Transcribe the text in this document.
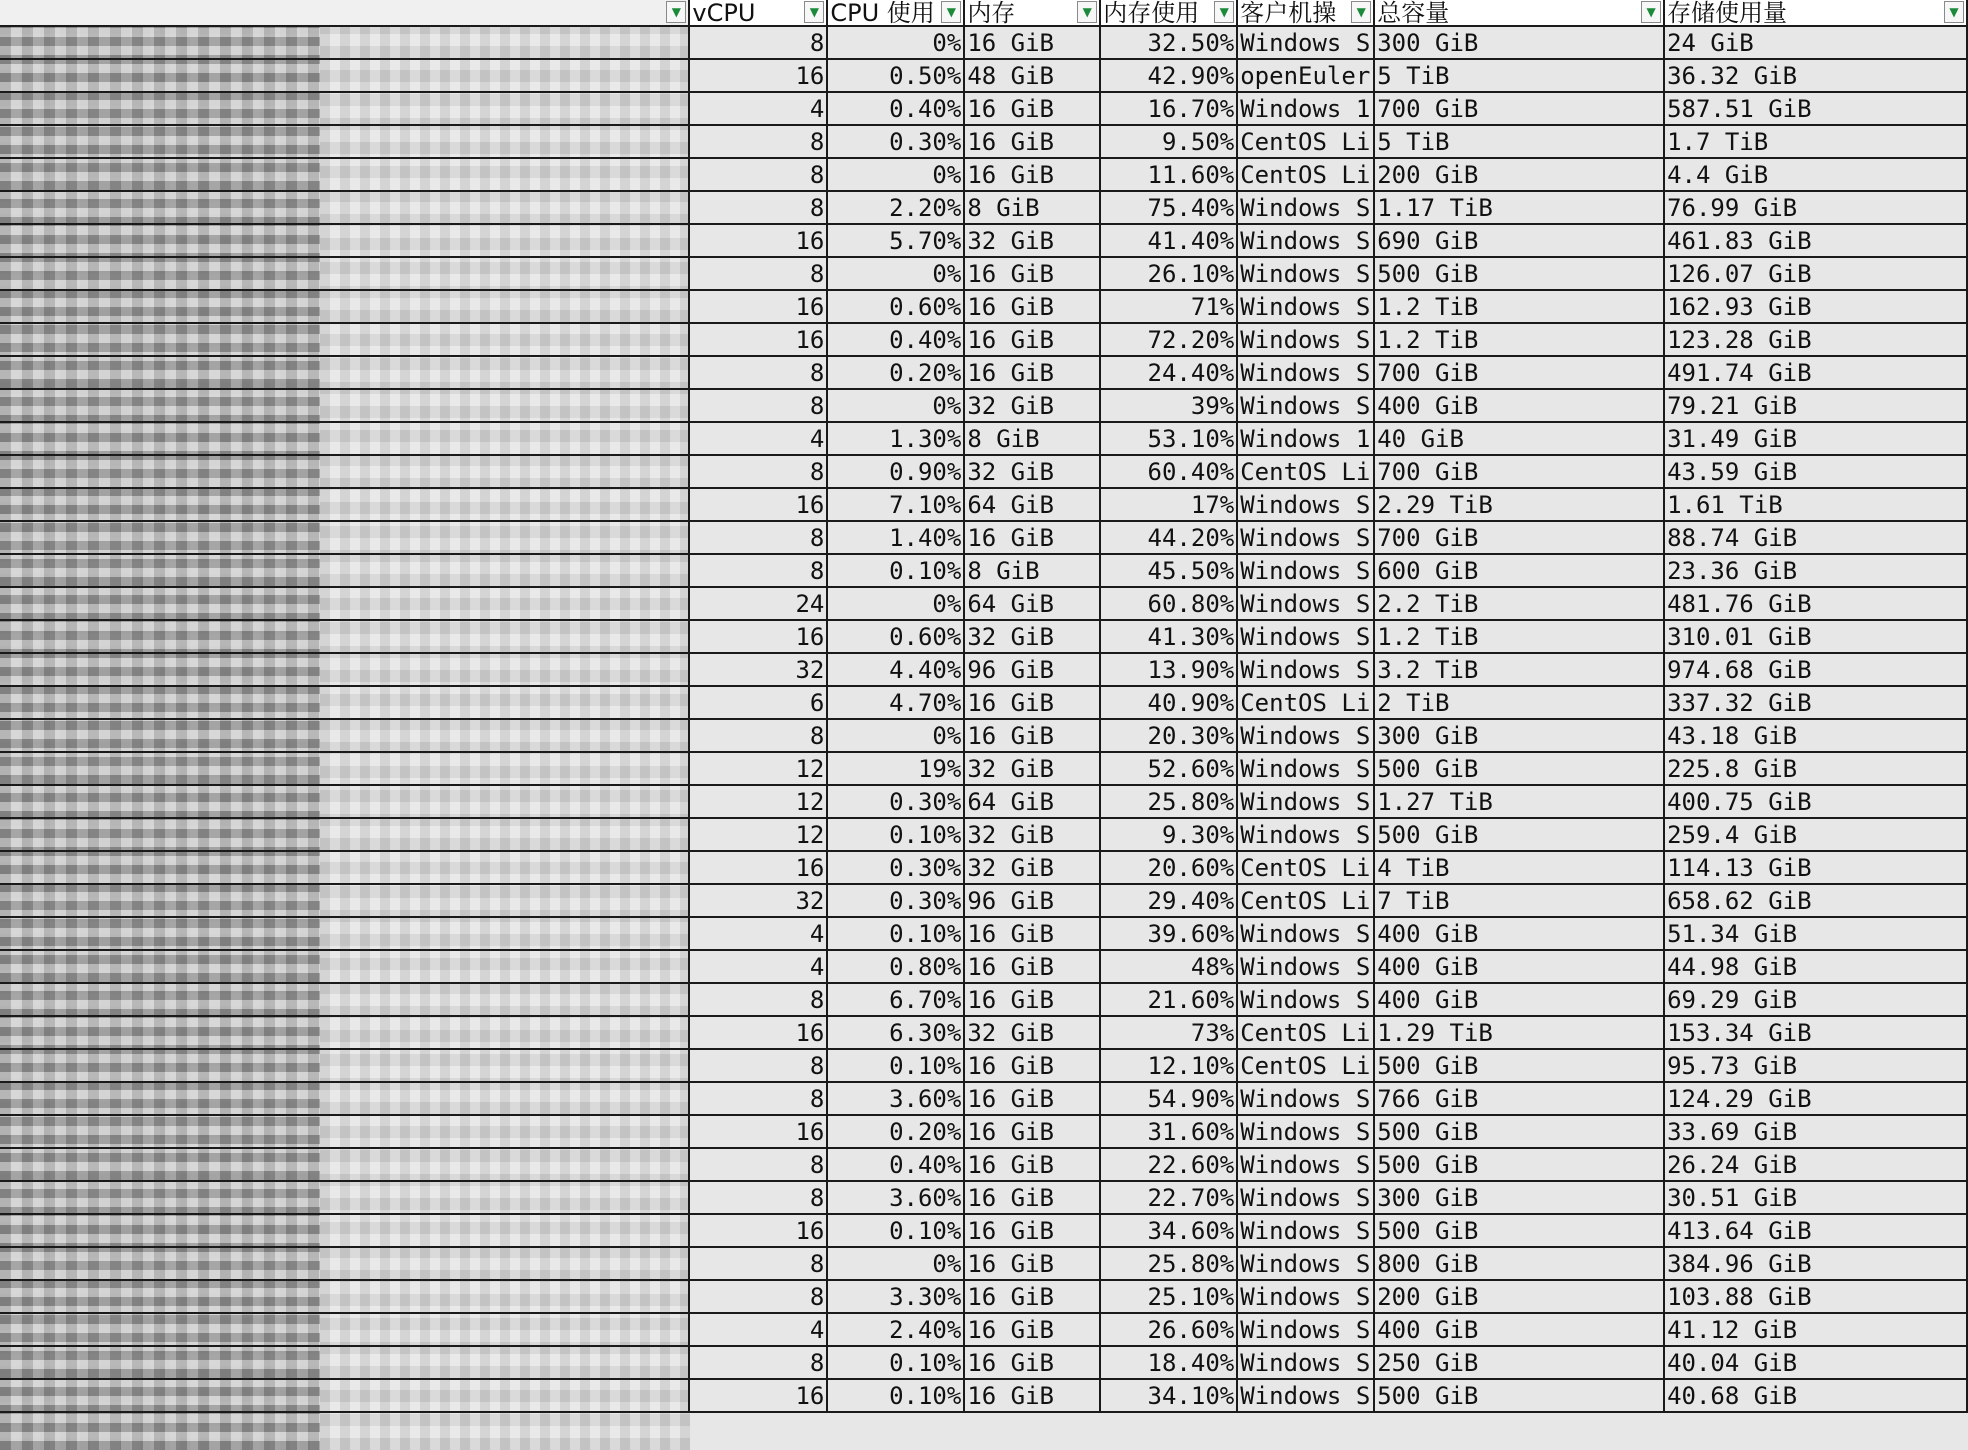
▼	vCPU ▼	CPU 使用 ▼	内存 ▼	内存使用 ▼	客户机操 ▼	总容量 ▼	存储使用量 ▼

	8	0%	16 GiB	32.50%	Windows S	300 GiB	24 GiB
	16	0.50%	48 GiB	42.90%	openEuler	5 TiB	36.32 GiB
	4	0.40%	16 GiB	16.70%	Windows 1	700 GiB	587.51 GiB
	8	0.30%	16 GiB	9.50%	CentOS Li	5 TiB	1.7 TiB
	8	0%	16 GiB	11.60%	CentOS Li	200 GiB	4.4 GiB
	8	2.20%	8 GiB	75.40%	Windows S	1.17 TiB	76.99 GiB
	16	5.70%	32 GiB	41.40%	Windows S	690 GiB	461.83 GiB
	8	0%	16 GiB	26.10%	Windows S	500 GiB	126.07 GiB
	16	0.60%	16 GiB	71%	Windows S	1.2 TiB	162.93 GiB
	16	0.40%	16 GiB	72.20%	Windows S	1.2 TiB	123.28 GiB
	8	0.20%	16 GiB	24.40%	Windows S	700 GiB	491.74 GiB
	8	0%	32 GiB	39%	Windows S	400 GiB	79.21 GiB
	4	1.30%	8 GiB	53.10%	Windows 1	40 GiB	31.49 GiB
	8	0.90%	32 GiB	60.40%	CentOS Li	700 GiB	43.59 GiB
	16	7.10%	64 GiB	17%	Windows S	2.29 TiB	1.61 TiB
	8	1.40%	16 GiB	44.20%	Windows S	700 GiB	88.74 GiB
	8	0.10%	8 GiB	45.50%	Windows S	600 GiB	23.36 GiB
	24	0%	64 GiB	60.80%	Windows S	2.2 TiB	481.76 GiB
	16	0.60%	32 GiB	41.30%	Windows S	1.2 TiB	310.01 GiB
	32	4.40%	96 GiB	13.90%	Windows S	3.2 TiB	974.68 GiB
	6	4.70%	16 GiB	40.90%	CentOS Li	2 TiB	337.32 GiB
	8	0%	16 GiB	20.30%	Windows S	300 GiB	43.18 GiB
	12	19%	32 GiB	52.60%	Windows S	500 GiB	225.8 GiB
	12	0.30%	64 GiB	25.80%	Windows S	1.27 TiB	400.75 GiB
	12	0.10%	32 GiB	9.30%	Windows S	500 GiB	259.4 GiB
	16	0.30%	32 GiB	20.60%	CentOS Li	4 TiB	114.13 GiB
	32	0.30%	96 GiB	29.40%	CentOS Li	7 TiB	658.62 GiB
	4	0.10%	16 GiB	39.60%	Windows S	400 GiB	51.34 GiB
	4	0.80%	16 GiB	48%	Windows S	400 GiB	44.98 GiB
	8	6.70%	16 GiB	21.60%	Windows S	400 GiB	69.29 GiB
	16	6.30%	32 GiB	73%	CentOS Li	1.29 TiB	153.34 GiB
	8	0.10%	16 GiB	12.10%	CentOS Li	500 GiB	95.73 GiB
	8	3.60%	16 GiB	54.90%	Windows S	766 GiB	124.29 GiB
	16	0.20%	16 GiB	31.60%	Windows S	500 GiB	33.69 GiB
	8	0.40%	16 GiB	22.60%	Windows S	500 GiB	26.24 GiB
	8	3.60%	16 GiB	22.70%	Windows S	300 GiB	30.51 GiB
	16	0.10%	16 GiB	34.60%	Windows S	500 GiB	413.64 GiB
	8	0%	16 GiB	25.80%	Windows S	800 GiB	384.96 GiB
	8	3.30%	16 GiB	25.10%	Windows S	200 GiB	103.88 GiB
	4	2.40%	16 GiB	26.60%	Windows S	400 GiB	41.12 GiB
	8	0.10%	16 GiB	18.40%	Windows S	250 GiB	40.04 GiB
	16	0.10%	16 GiB	34.10%	Windows S	500 GiB	40.68 GiB
